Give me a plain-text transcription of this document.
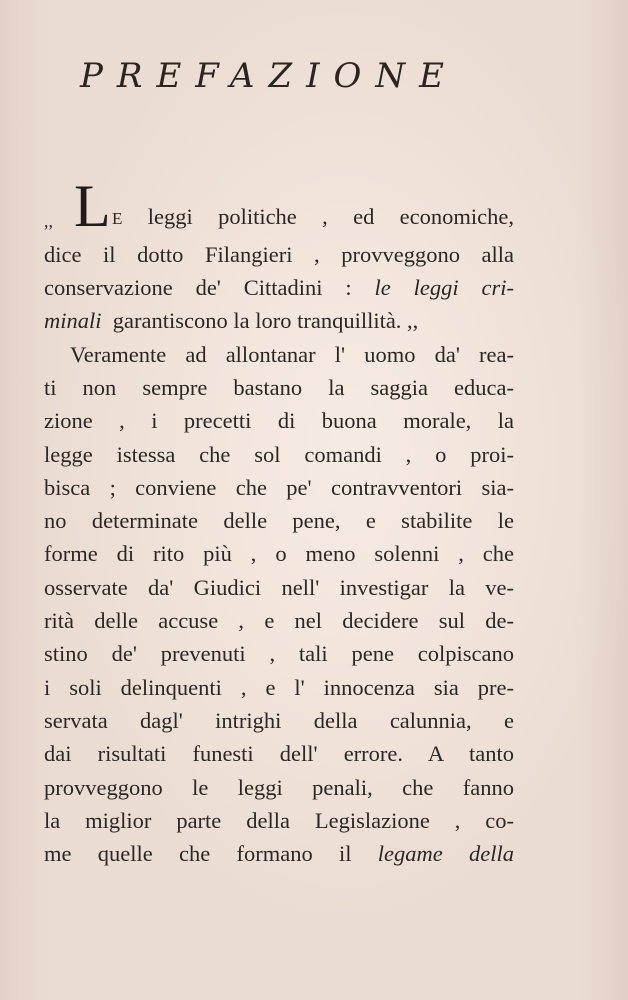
PREFAZIONE
,, L E leggi politiche , ed economiche,
dice il dotto Filangieri , provveggono alla
conservazione de' Cittadini : le leggi cri-
minali garantiscono la loro tranquillità. ,,
Veramente ad allontanar l' uomo da' rea-
ti non sempre bastano la saggia educa-
zione , i precetti di buona morale, la
legge istessa che sol comandi , o proi-
bisca ; conviene che pe' contravventori sia-
no determinate delle pene, e stabilite le
forme di rito più , o meno solenni , che
osservate da' Giudici nell' investigar la ve-
rità delle accuse , e nel decidere sul de-
stino de' prevenuti , tali pene colpiscano
i soli delinquenti , e l' innocenza sia pre-
servata dagl' intrighi della calunnia, e
dai risultati funesti dell' errore. A tanto
provveggono le leggi penali, che fanno
la miglior parte della Legislazione , co-
me quelle che formano il legame della
